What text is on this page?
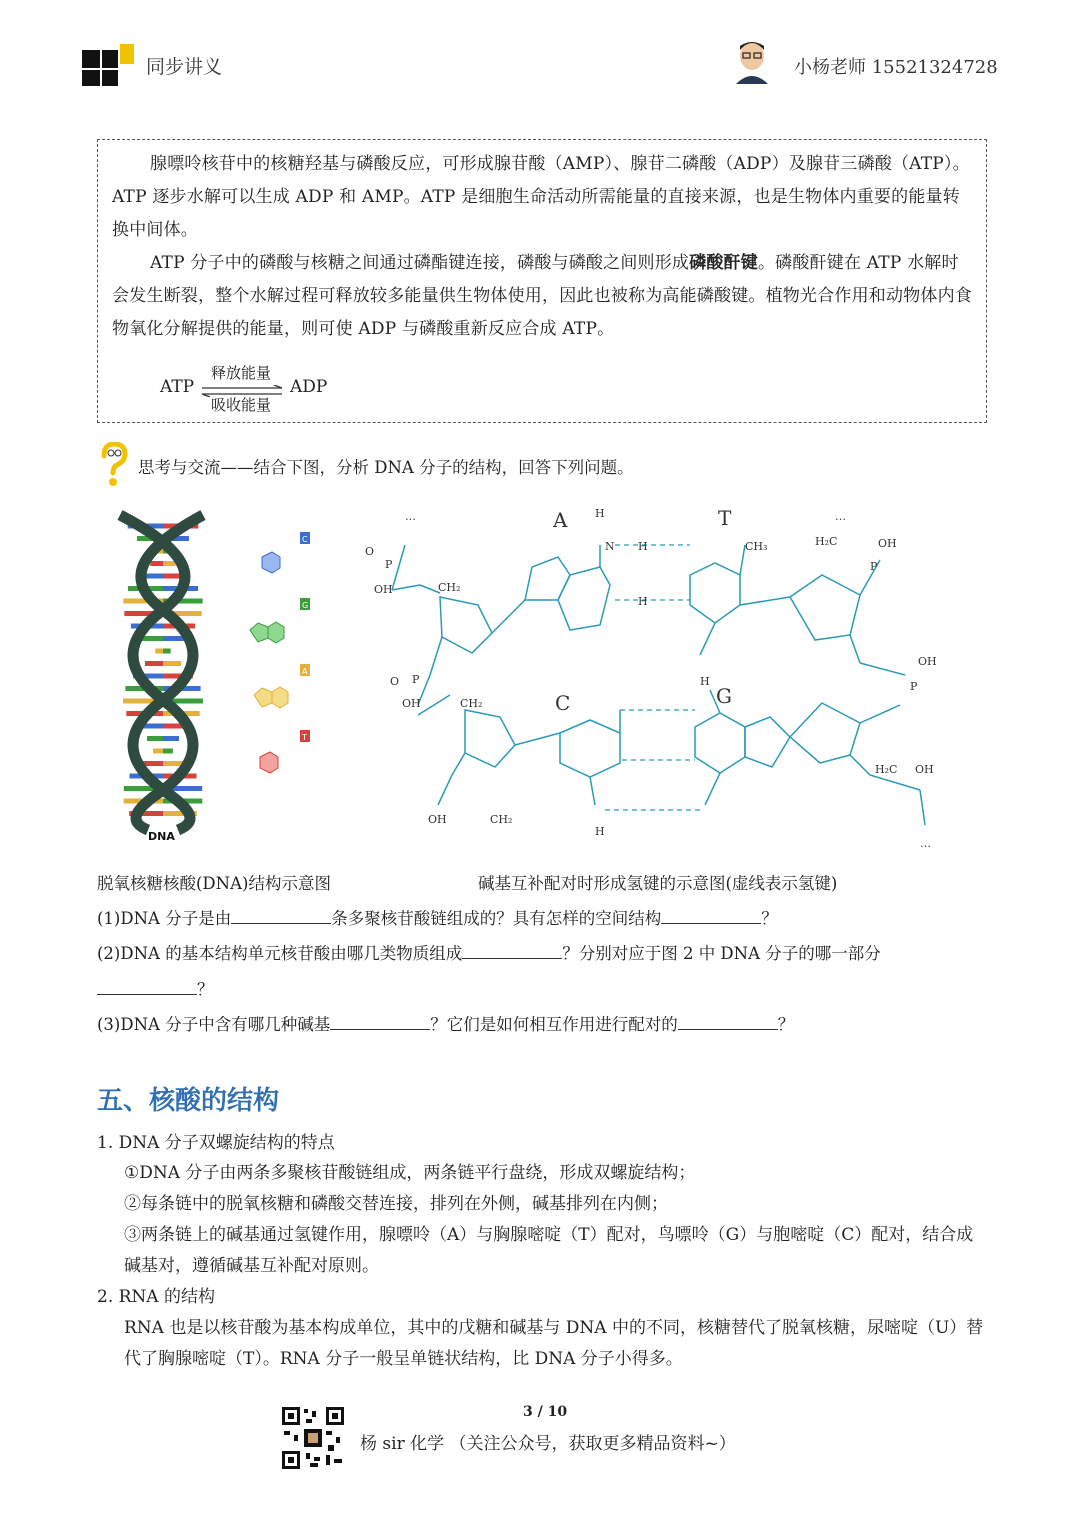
同步讲义	小杨老师 15521324728
腺嘌呤核苷中的核糖羟基与磷酸反应，可形成腺苷酸（AMP）、腺苷二磷酸（ADP）及腺苷三磷酸（ATP）。ATP 逐步水解可以生成 ADP 和 AMP。ATP 是细胞生命活动所需能量的直接来源，也是生物体内重要的能量转换中间体。
ATP 分子中的磷酸与核糖之间通过磷酯键连接，磷酸与磷酸之间则形成磷酸酐键。磷酸酐键在 ATP 水解时会发生断裂，整个水解过程可释放较多能量供生物体使用，因此也被称为高能磷酸键。植物光合作用和动物体内食物氧化分解提供的能量，则可使 ADP 与磷酸重新反应合成 ATP。
ATP
释放能量
吸收能量
ADP
思考与交流——结合下图，分析 DNA 分子的结构，回答下列问题。
DNA
C
G
A
T
A	T
C	G
O
P
OH	CH₂
CH₃	H₂C	OH
P
H
N H
H
O P
OH	CH₂
CH₂
OH
H
H
H₂C OH
OH
P
…	…
…
脱氧核糖核酸(DNA)结构示意图	碱基互补配对时形成氢键的示意图(虚线表示氢键)
(1)DNA 分子是由	条多聚核苷酸链组成的？具有怎样的空间结构	？
(2)DNA 的基本结构单元核苷酸由哪几类物质组成	？分别对应于图 2 中 DNA 分子的哪一部分
？
(3)DNA 分子中含有哪几种碱基	？它们是如何相互作用进行配对的	？
五、核酸的结构
1. DNA 分子双螺旋结构的特点
①DNA 分子由两条多聚核苷酸链组成，两条链平行盘绕，形成双螺旋结构；
②每条链中的脱氧核糖和磷酸交替连接，排列在外侧，碱基排列在内侧；
③两条链上的碱基通过氢键作用，腺嘌呤（A）与胸腺嘧啶（T）配对，鸟嘌呤（G）与胞嘧啶（C）配对，结合成碱基对，遵循碱基互补配对原则。
2. RNA 的结构
RNA 也是以核苷酸为基本构成单位，其中的戊糖和碱基与 DNA 中的不同，核糖替代了脱氧核糖，尿嘧啶（U）替代了胸腺嘧啶（T）。RNA 分子一般呈单链状结构，比 DNA 分子小得多。
3 / 10
杨 sir 化学 （关注公众号，获取更多精品资料~）
